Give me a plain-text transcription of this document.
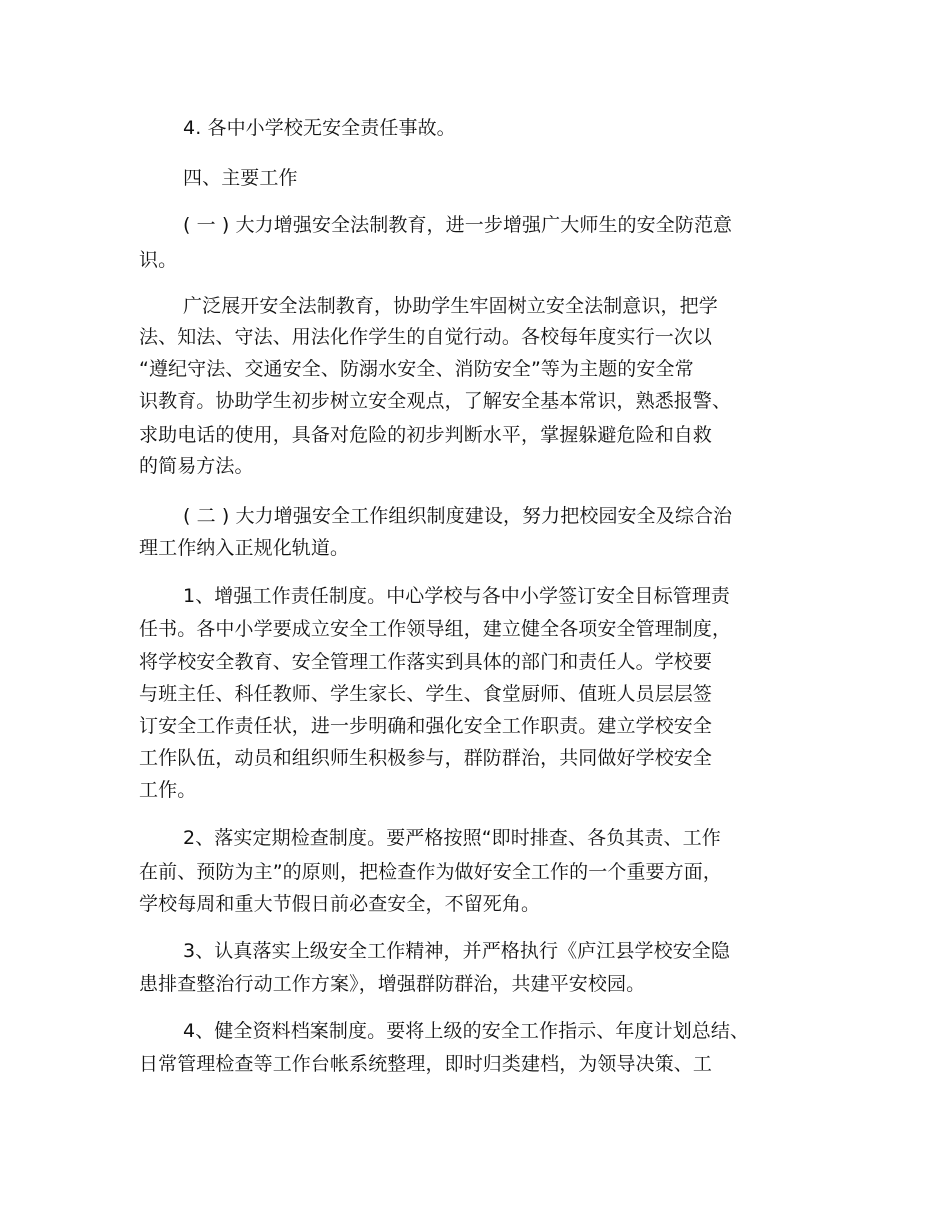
4. 各中小学校无安全责任事故。
四、主要工作
( 一 ) 大力增强安全法制教育，进一步增强广大师生的安全防范意
识。
广泛展开安全法制教育，协助学生牢固树立安全法制意识，把学
法、知法、守法、用法化作学生的自觉行动。各校每年度实行一次以
“遵纪守法、交通安全、防溺水安全、消防安全”等为主题的安全常
识教育。协助学生初步树立安全观点，了解安全基本常识，熟悉报警、
求助电话的使用，具备对危险的初步判断水平，掌握躲避危险和自救
的简易方法。
( 二 ) 大力增强安全工作组织制度建设，努力把校园安全及综合治
理工作纳入正规化轨道。
1、增强工作责任制度。中心学校与各中小学签订安全目标管理责
任书。各中小学要成立安全工作领导组，建立健全各项安全管理制度，
将学校安全教育、安全管理工作落实到具体的部门和责任人。学校要
与班主任、科任教师、学生家长、学生、食堂厨师、值班人员层层签
订安全工作责任状，进一步明确和强化安全工作职责。建立学校安全
工作队伍，动员和组织师生积极参与，群防群治，共同做好学校安全
工作。
2、落实定期检查制度。要严格按照“即时排查、各负其责、工作
在前、预防为主”的原则，把检查作为做好安全工作的一个重要方面，
学校每周和重大节假日前必查安全，不留死角。
3、认真落实上级安全工作精神，并严格执行《庐江县学校安全隐
患排查整治行动工作方案》，增强群防群治，共建平安校园。
4、健全资料档案制度。要将上级的安全工作指示、年度计划总结、
日常管理检查等工作台帐系统整理，即时归类建档，为领导决策、工
